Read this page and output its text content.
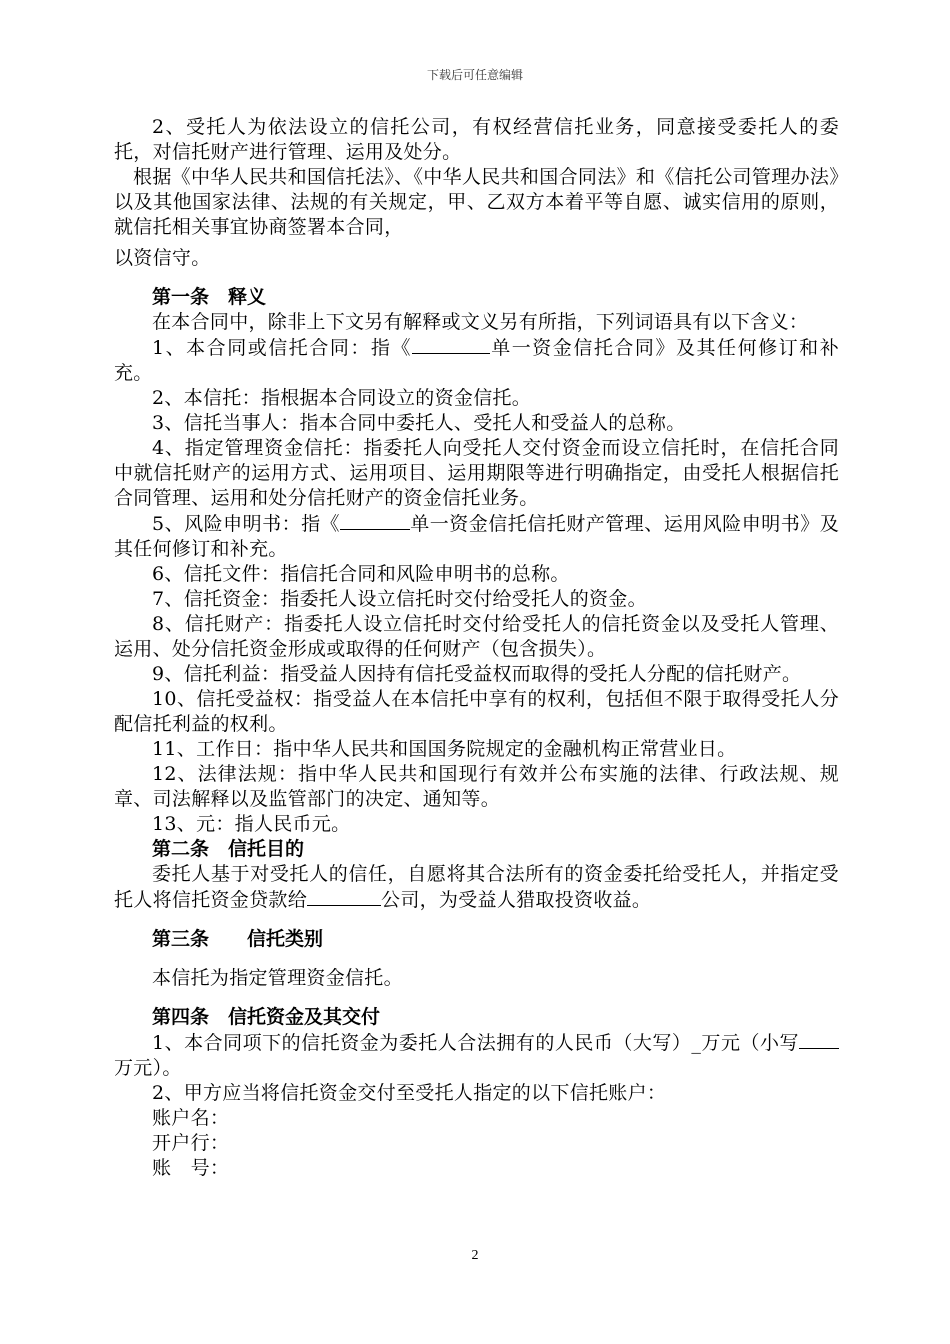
下载后可任意编辑

2、受托人为依法设立的信托公司，有权经营信托业务，同意接受委托人的委托，对信托财产进行管理、运用及处分。

根据《中华人民共和国信托法》、《中华人民共和国合同法》和《信托公司管理办法》以及其他国家法律、法规的有关规定，甲、乙双方本着平等自愿、诚实信用的原则，就信托相关事宜协商签署本合同，

以资信守。

第一条　释义

在本合同中，除非上下文另有解释或文义另有所指，下列词语具有以下含义：

1、本合同或信托合同：指《	单一资金信托合同》及其任何修订和补充。

2、本信托：指根据本合同设立的资金信托。

3、信托当事人：指本合同中委托人、受托人和受益人的总称。

4、指定管理资金信托：指委托人向受托人交付资金而设立信托时，在信托合同中就信托财产的运用方式、运用项目、运用期限等进行明确指定，由受托人根据信托合同管理、运用和处分信托财产的资金信托业务。

5、风险申明书：指《	单一资金信托信托财产管理、运用风险申明书》及其任何修订和补充。

6、信托文件：指信托合同和风险申明书的总称。

7、信托资金：指委托人设立信托时交付给受托人的资金。

8、信托财产：指委托人设立信托时交付给受托人的信托资金以及受托人管理、运用、处分信托资金形成或取得的任何财产（包含损失）。

9、信托利益：指受益人因持有信托受益权而取得的受托人分配的信托财产。

10、信托受益权：指受益人在本信托中享有的权利，包括但不限于取得受托人分配信托利益的权利。

11、工作日：指中华人民共和国国务院规定的金融机构正常营业日。

12、法律法规：指中华人民共和国现行有效并公布实施的法律、行政法规、规章、司法解释以及监管部门的决定、通知等。

13、元：指人民币元。

第二条　信托目的

委托人基于对受托人的信任，自愿将其合法所有的资金委托给受托人，并指定受托人将信托资金贷款给	公司，为受益人猎取投资收益。

第三条　　信托类别

本信托为指定管理资金信托。

第四条　信托资金及其交付

1、本合同项下的信托资金为委托人合法拥有的人民币（大写）_万元（小写万元）。

2、甲方应当将信托资金交付至受托人指定的以下信托账户：

账户名：

开户行：

账　号：

2
